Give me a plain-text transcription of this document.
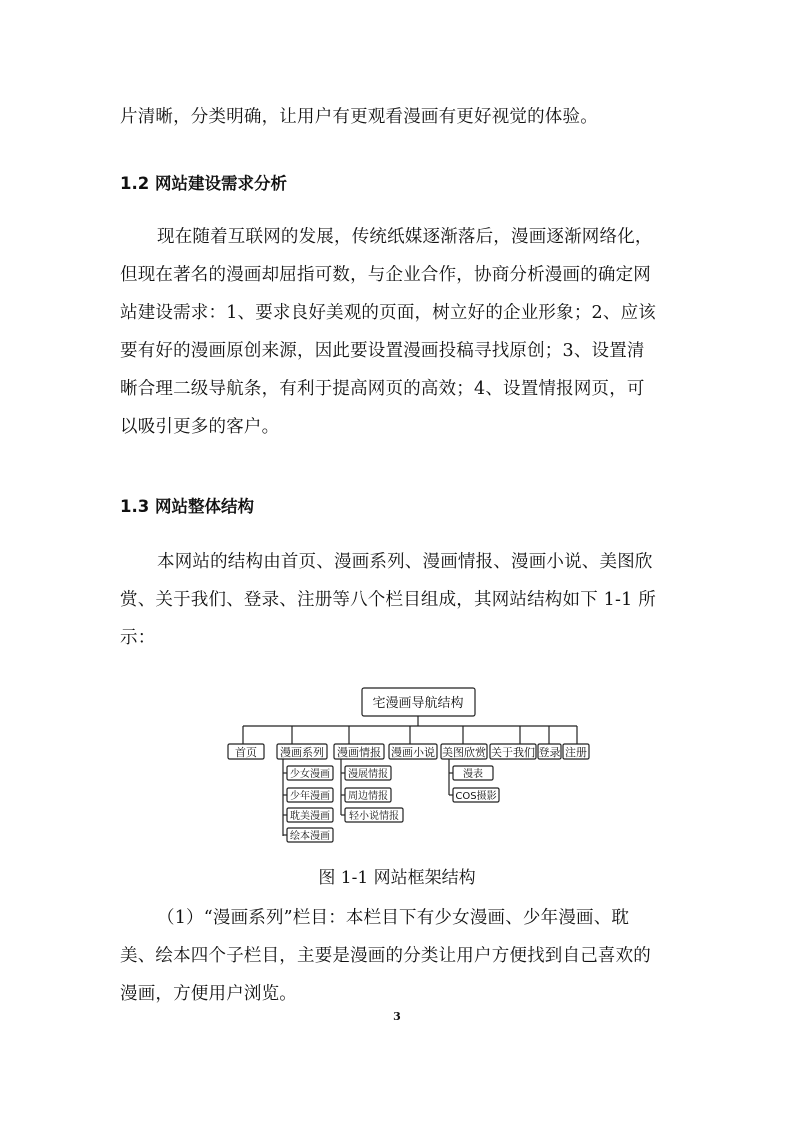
片清晰，分类明确，让用户有更观看漫画有更好视觉的体验。

1.2 网站建设需求分析

现在随着互联网的发展，传统纸媒逐渐落后，漫画逐渐网络化，

但现在著名的漫画却屈指可数，与企业合作，协商分析漫画的确定网

站建设需求：1、要求良好美观的页面，树立好的企业形象；2、应该

要有好的漫画原创来源，因此要设置漫画投稿寻找原创；3、设置清

晰合理二级导航条，有利于提高网页的高效；4、设置情报网页，可

以吸引更多的客户。

1.3 网站整体结构

本网站的结构由首页、漫画系列、漫画情报、漫画小说、美图欣

赏、关于我们、登录、注册等八个栏目组成，其网站结构如下 1-1 所

示：

宅漫画导航结构
首页 漫画系列 漫画情报 漫画小说 美图欣赏 关于我们 登录 注册
少女漫画
少年漫画
耽美漫画
绘本漫画
漫展情报
周边情报
轻小说情报
漫表
COS摄影
图 1-1 网站框架结构

（1）“漫画系列”栏目：本栏目下有少女漫画、少年漫画、耽

美、绘本四个子栏目，主要是漫画的分类让用户方便找到自己喜欢的

漫画，方便用户浏览。

3
